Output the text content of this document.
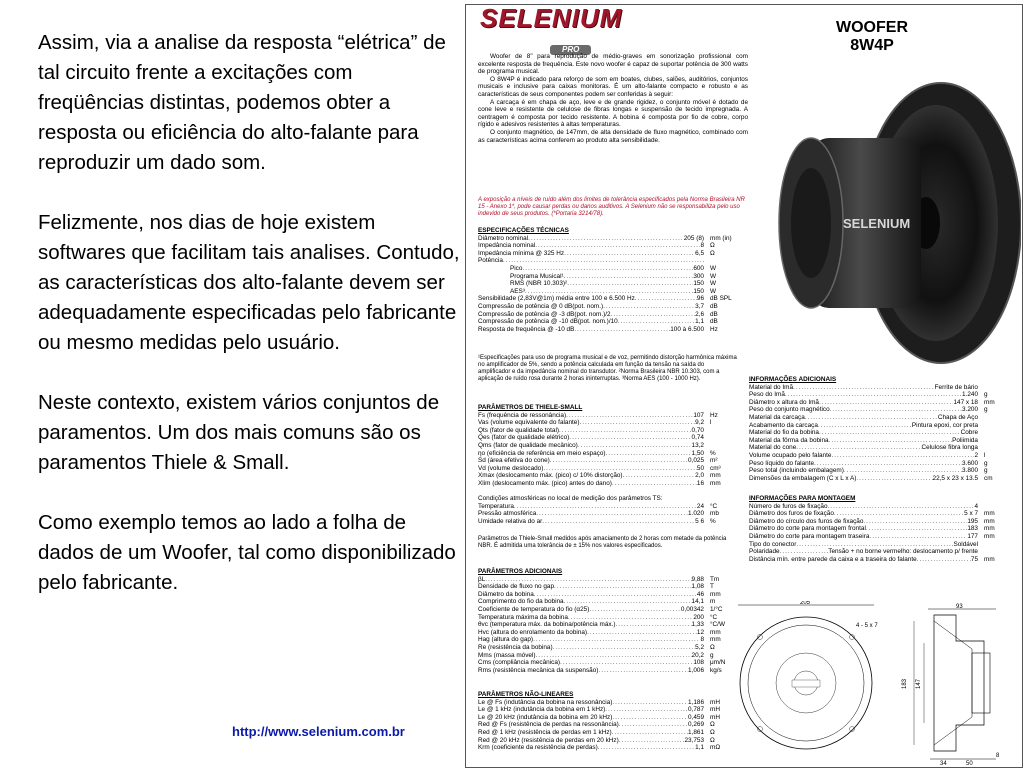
Assim, via a analise da resposta “elétrica” de tal circuito frente a excitações com freqüências distintas, podemos obter a resposta ou eficiência do alto-falante para reproduzir um dado som.

Felizmente, nos dias de hoje existem softwares que facilitam tais analises. Contudo, as características dos alto-falante devem ser adequadamente especificadas pelo fabricante ou mesmo medidas pelo usuário.

Neste contexto, existem vários conjuntos de paramentos. Um dos mais comuns são os paramentos Thiele & Small.

Como exemplo temos ao lado a folha de dados de um Woofer, tal como disponibilizado pelo fabricante.

http://www.selenium.com.br
SELENIUM
PRO
WOOFER
8W4P

Woofer de 8" para reprodução de médio-graves em sonorização profissional com excelente resposta de frequência. Este novo woofer é capaz de suportar potência de 300 watts de programa musical.

O 8W4P é indicado para reforço de som em boates, clubes, salões, auditórios, conjuntos musicais e inclusive para caixas monitoras. É um alto-falante compacto e robusto e as características de seus componentes podem ser conferidas à seguir:

A carcaça é em chapa de aço, leve e de grande rigidez, o conjunto móvel é dotado de cone leve e resistente de celulose de fibras longas e suspensão de tecido impregnada. A centragem é composta por tecido resistente. A bobina é composta por fio de cobre, corpo rígido e adesivos resistentes à altas temperaturas.

O conjunto magnético, de 147mm, de alta densidade de fluxo magnético, combinado com as características acima conferem ao produto alta sensibilidade.

A exposição a níveis de ruído além dos limites de tolerância especificados pela Norma Brasileira NR 15 - Anexo 1*, pode causar perdas ou danos auditivos. A Selenium não se responsabiliza pelo uso indevido de seus produtos. (*Portaria 3214/78).
SELENIUM
ESPECIFICAÇÕES TÉCNICAS
Diâmetro nominal .....	205 (8) mm (in)
Impedância nominal .....	8 Ω
Impedância mínima @ 325 Hz .....	6,5 Ω
Potência
.....
Pico .....	600 W
Programa Musical¹ .....	300 W
RMS (NBR 10.303)² .....	150 W
AES³ .....	150 W
Sensibilidade (2,83V@1m) média entre 100 e 6.500 Hz .....	96 dB SPL
Compressão de potência @ 0 dB(pot. nom.) .....	3,7 dB
Compressão de potência @ -3 dB(pot. nom.)/2 .....	2,6 dB
Compressão de potência @ -10 dB(pot. nom.)/10 .....	1,1 dB
Resposta de frequência @ -10 dB .....	100 à 6.500 Hz
¹Especificações para uso de programa musical e de voz, permitindo distorção harmônica máxima no amplificador de 5%, sendo a potência calculada em função da tensão na saída do amplificador e da impedância nominal do transdutor. ²Norma Brasileira NBR 10.303, com a aplicação de ruído rosa durante 2 horas ininterruptas. ³Norma AES (100 - 1000 Hz).
PARÂMETROS DE THIELE-SMALL
Fs (frequência de ressonância) .....	107 Hz
Vas (volume equivalente do falante) .....	9,2 l
Qts (fator de qualidade total) .....	0,70
Qes (fator de qualidade elétrico) .....	0,74
Qms (fator de qualidade mecânico) .....	13,2
ηo (eficiência de referência em meio espaço) .....	1,50 %
Sd (área efetiva do cone) .....	0,025 m²
Vd (volume deslocado) .....	50 cm³
Xmax (deslocamento máx. (pico) c/ 10% distorção) .....	2,0 mm
Xlim (deslocamento máx. (pico) antes do dano) .....	16 mm
Condições atmosféricas no local de medição dos parâmetros TS:
Temperatura .....	24 °C
Pressão atmosférica .....	1.020 mb
Umidade relativa do ar .....	5 6 %
Parâmetros de Thiele-Small medidos após amaciamento de 2 horas com metade da potência NBR. É admitida uma tolerância de ± 15% nos valores especificados.
PARÂMETROS ADICIONAIS
βL .....	9,88 Tm
Densidade de fluxo no gap .....	1,08 T
Diâmetro da bobina .....	46 mm
Comprimento do fio da bobina .....	14,1 m
Coeficiente de temperatura do fio (α25) .....	0,00342 1/°C
Temperatura máxima da bobina .....	200 °C
θvc (temperatura máx. da bobina/potência máx.) .....	1,33 °C/W
Hvc (altura do enrolamento da bobina) .....	12 mm
Hag (altura do gap) .....	8 mm
Re (resistência da bobina) .....	5,2 Ω
Mms (massa móvel) .....	20,2 g
Cms (compliância mecânica) .....	108 μm/N
Rms (resistência mecânica da suspensão) .....	1,006 kg/s
PARÂMETROS NÃO-LINEARES
Le @ Fs (indutância da bobina na ressonância) .....	1,186 mH
Le @ 1 kHz (indutância da bobina em 1 kHz) .....	0,787 mH
Le @ 20 kHz (indutância da bobina em 20 kHz) .....	0,459 mH
Red @ Fs (resistência de perdas na ressonância) .....	0,269 Ω
Red @ 1 kHz (resistência de perdas em 1 kHz) .....	1,861 Ω
Red @ 20 kHz (resistência de perdas em 20 kHz) .....	23,753 Ω
Krm (coeficiente da resistência de perdas) .....	1,1 mΩ
INFORMAÇÕES ADICIONAIS
Material do Imã .....	Ferrite de bário
Peso do Imã .....	1.240 g
Diâmetro x altura do Imã .....	147 x 18 mm
Peso do conjunto magnético .....	3.200 g
Material da carcaça .....	Chapa de Aço
Acabamento da carcaça .....	Pintura epoxi, cor preta
Material do fio da bobina .....	Cobre
Material da fôrma da bobina .....	Poliimida
Material do cone .....	Celulose fibra longa
Volume ocupado pelo falante .....	2 l
Peso líquido do falante .....	3.600 g
Peso total (incluindo embalagem) .....	3.800 g
Dimensões da embalagem (C x L x A) .....	22,5 x 23 x 13.5 cm
INFORMAÇÕES PARA MONTAGEM
Número de furos de fixação .....	4
Diâmetro dos furos de fixação .....	5 x 7 mm
Diâmetro do círculo dos furos de fixação .....	195 mm
Diâmetro do corte para montagem frontal .....	183 mm
Diâmetro do corte para montagem traseira .....	177 mm
Tipo do conector .....	Soldável
Polaridade .....	Tensão + no borne vermelho: deslocamento p/ frente
Distância mín. entre parede da caixa e a traseira do falante .....	75 mm
205
4 - 5 x 7
93
183 147
34	50
8
